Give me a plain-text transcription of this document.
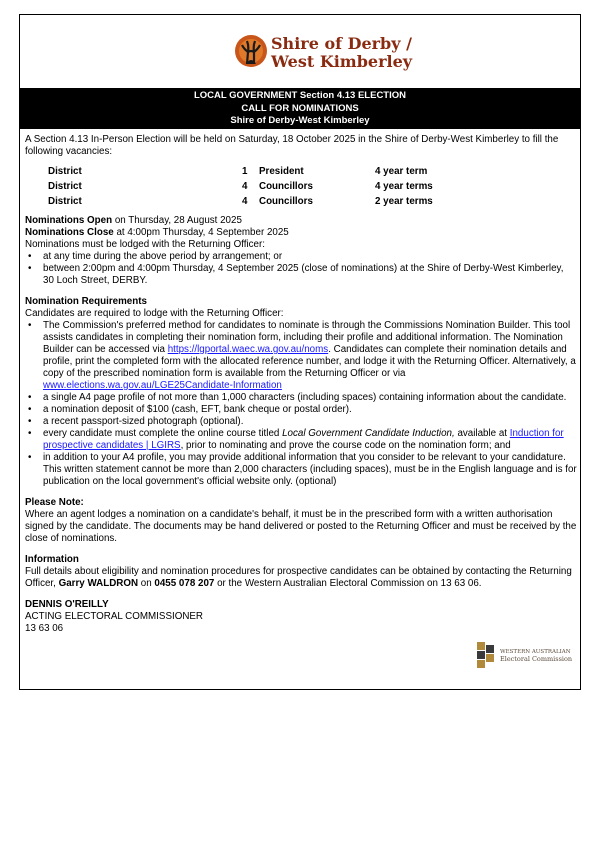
Shire of Derby /
West Kimberley
LOCAL GOVERNMENT Section 4.13 ELECTION
CALL FOR NOMINATIONS
Shire of Derby-West Kimberley

A Section 4.13 In-Person Election will be held on Saturday, 18 October 2025 in the Shire of Derby-West Kimberley to fill the following vacancies:

District	1	President	4 year term
District	4	Councillors	4 year terms
District	4	Councillors	2 year terms

Nominations Open on Thursday, 28 August 2025

Nominations Close at 4:00pm Thursday, 4 September 2025

Nominations must be lodged with the Returning Officer:

• at any time during the above period by arrangement; or
• between 2:00pm and 4:00pm Thursday, 4 September 2025 (close of nominations) at the Shire of Derby-West Kimberley, 30 Loch Street, DERBY.

Nomination Requirements

Candidates are required to lodge with the Returning Officer:

• The Commission's preferred method for candidates to nominate is through the Commissions Nomination Builder. This tool assists candidates in completing their nomination form, including their profile and additional information. The Nomination Builder can be accessed via https://lgportal.waec.wa.gov.au/noms. Candidates can complete their nomination details and profile, print the completed form with the allocated reference number, and lodge it with the Returning Officer. Alternatively, a copy of the prescribed nomination form is available from the Returning Officer or via www.elections.wa.gov.au/LGE25Candidate-Information
• a single A4 page profile of not more than 1,000 characters (including spaces) containing information about the candidate.
• a nomination deposit of $100 (cash, EFT, bank cheque or postal order).
• a recent passport-sized photograph (optional).
• every candidate must complete the online course titled Local Government Candidate Induction, available at Induction for prospective candidates | LGIRS, prior to nominating and prove the course code on the nomination form; and
• in addition to your A4 profile, you may provide additional information that you consider to be relevant to your candidature. This written statement cannot be more than 2,000 characters (including spaces), must be in the English language and is for publication on the local government's official website only. (optional)

Please Note:

Where an agent lodges a nomination on a candidate's behalf, it must be in the prescribed form with a written authorisation signed by the candidate. The documents may be hand delivered or posted to the Returning Officer and must be received by the close of nominations.

Information

Full details about eligibility and nomination procedures for prospective candidates can be obtained by contacting the Returning Officer, Garry WALDRON on 0455 078 207 or the Western Australian Electoral Commission on 13 63 06.

DENNIS O'REILLY

ACTING ELECTORAL COMMISSIONER

13 63 06

WESTERN AUSTRALIAN
Electoral Commission
